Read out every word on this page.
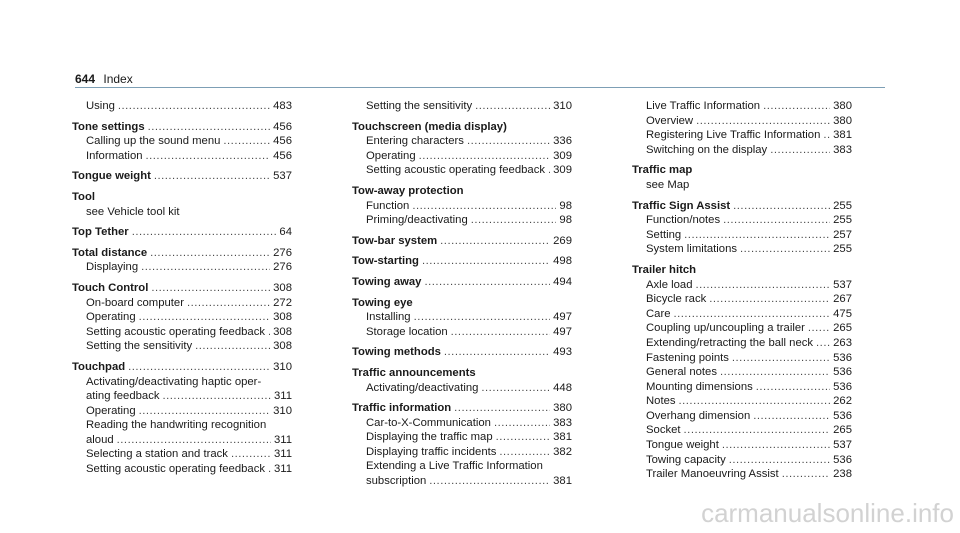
644 Index
Using .....	483
Tone settings .....	456
Calling up the sound menu .....	456
Information .....	456
Tongue weight .....	537
Tool
see Vehicle tool kit
Top Tether .....	64
Total distance .....	276
Displaying .....	276
Touch Control .....	308
On-board computer .....	272
Operating .....	308
Setting acoustic operating feedback ..... 308
Setting the sensitivity .....	308
Touchpad .....	310
Activating/deactivating haptic oper-
ating feedback .....	311
Operating .....	310
Reading the handwriting recognition
aloud .....	311
Selecting a station and track .....	311
Setting acoustic operating feedback ..... 311
Setting the sensitivity .....	310
Touchscreen (media display)
Entering characters .....	336
Operating .....	309
Setting acoustic operating feedback ..... 309
Tow-away protection
Function .....	98
Priming/deactivating .....	98
Tow-bar system .....	269
Tow-starting .....	498
Towing away .....	494
Towing eye
Installing .....	497
Storage location .....	497
Towing methods .....	493
Traffic announcements
Activating/deactivating .....	448
Traffic information .....	380
Car-to-X-Communication .....	383
Displaying the traffic map .....	381
Displaying traffic incidents .....	382
Extending a Live Traffic Information
subscription .....	381
Live Traffic Information .....	380
Overview .....	380
Registering Live Traffic Information ..... 381
Switching on the display .....	383
Traffic map
see Map
Traffic Sign Assist .....	255
Function/notes .....	255
Setting .....	257
System limitations .....	255
Trailer hitch
Axle load .....	537
Bicycle rack .....	267
Care .....	475
Coupling up/uncoupling a trailer .....	265
Extending/retracting the ball neck ..... 263
Fastening points .....	536
General notes .....	536
Mounting dimensions .....	536
Notes .....	262
Overhang dimension .....	536
Socket .....	265
Tongue weight .....	537
Towing capacity .....	536
Trailer Manoeuvring Assist .....	238
carmanualsonline.info
